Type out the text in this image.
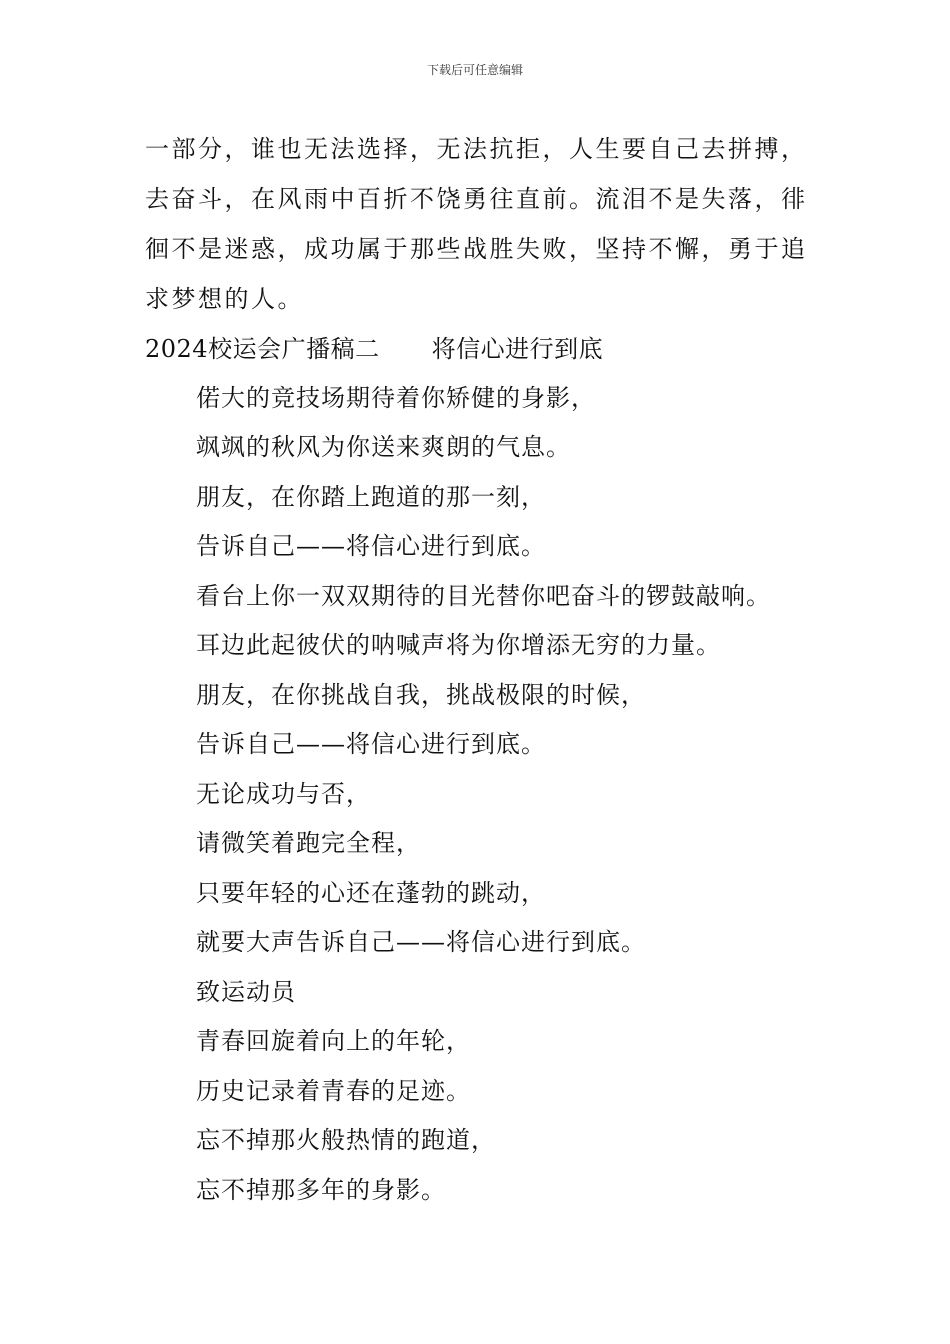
下载后可任意编辑
一部分，谁也无法选择，无法抗拒，人生要自己去拼搏，
去奋斗，在风雨中百折不饶勇往直前。流泪不是失落，徘
徊不是迷惑，成功属于那些战胜失败，坚持不懈，勇于追
求梦想的人。
2024校运会广播稿二 将信心进行到底
偌大的竞技场期待着你矫健的身影，
飒飒的秋风为你送来爽朗的气息。
朋友，在你踏上跑道的那一刻，
告诉自己——将信心进行到底。
看台上你一双双期待的目光替你吧奋斗的锣鼓敲响。
耳边此起彼伏的呐喊声将为你增添无穷的力量。
朋友，在你挑战自我，挑战极限的时候，
告诉自己——将信心进行到底。
无论成功与否，
请微笑着跑完全程，
只要年轻的心还在蓬勃的跳动，
就要大声告诉自己——将信心进行到底。
致运动员
青春回旋着向上的年轮，
历史记录着青春的足迹。
忘不掉那火般热情的跑道，
忘不掉那多年的身影。
